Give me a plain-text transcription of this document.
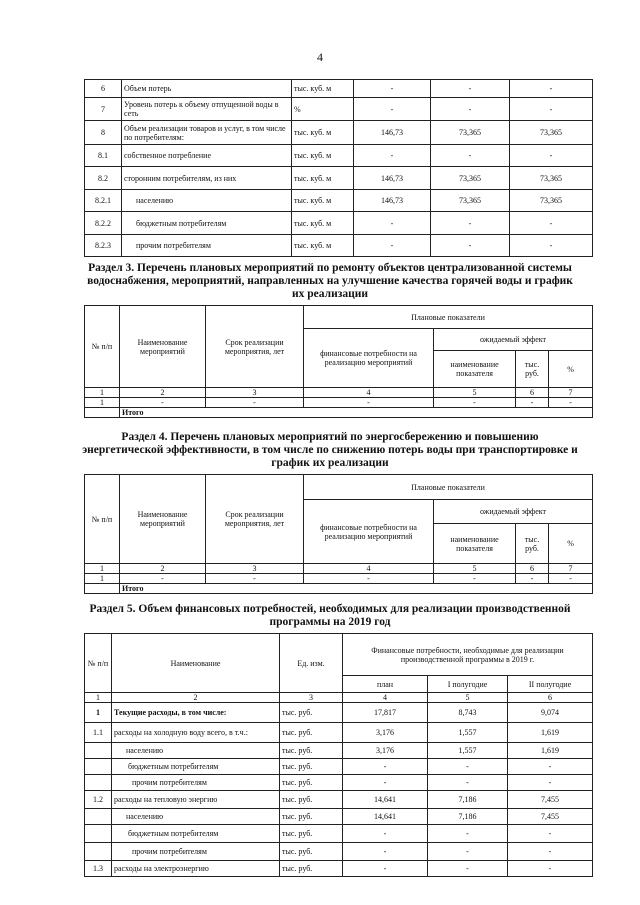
4
6	Объем потерь	тыс. куб. м	-	-	-
7	Уровень потерь к объему отпущенной воды в сеть	%	-	-	-
8	Объем реализации товаров и услуг, в том числе по потребителям:	тыс. куб. м	146,73	73,365	73,365
8.1	собственное потребление	тыс. куб. м	-	-	-
8.2	сторонним потребителям, из них	тыс. куб. м	146,73	73,365	73,365
8.2.1	населению	тыс. куб. м	146,73	73,365	73,365
8.2.2	бюджетным потребителям	тыс. куб. м	-	-	-
8.2.3	прочим потребителям	тыс. куб. м	-	-	-
Раздел 3. Перечень плановых мероприятий по ремонту объектов централизованной системы водоснабжения, мероприятий, направленных на улучшение качества горячей воды и график их реализации
№ п/п	Наименование мероприятий	Срок реализации мероприятия, лет	Плановые показатели			
			финансовые потребности на реализацию мероприятий	ожидаемый эффект		
				наименование показателя	тыс. руб.	%
1	2	3	4	5	6	7
1	-	-	-	-	-	-
	Итого					
Раздел 4. Перечень плановых мероприятий по энергосбережению и повышению энергетической эффективности, в том числе по снижению потерь воды при транспортировке и график их реализации
№ п/п	Наименование мероприятий	Срок реализации мероприятия, лет	Плановые показатели			
			финансовые потребности на реализацию мероприятий	ожидаемый эффект		
				наименование показателя	тыс. руб.	%
1	2	3	4	5	6	7
1	-	-	-	-	-	-
	Итого					
Раздел 5. Объем финансовых потребностей, необходимых для реализации производственной программы на 2019 год
№ п/п	Наименование	Ед. изм.	Финансовые потребности, необходимые для реализации производственной программы в 2019 г.		
			план	I полугодие	II полугодие
1	2	3	4	5	6
1	Текущие расходы, в том числе:	тыс. руб.	17,817	8,743	9,074
1.1	расходы на холодную воду всего, в т.ч.:	тыс. руб.	3,176	1,557	1,619
	населению	тыс. руб.	3,176	1,557	1,619
	бюджетным потребителям	тыс. руб.	-	-	-
	прочим потребителям	тыс. руб.	-	-	-
1.2	расходы на тепловую энергию	тыс. руб.	14,641	7,186	7,455
	населению	тыс. руб.	14,641	7,186	7,455
	бюджетным потребителям	тыс. руб.	-	-	-
	прочим потребителям	тыс. руб.	-	-	-
1.3	расходы на электроэнергию	тыс. руб.	-	-	-
